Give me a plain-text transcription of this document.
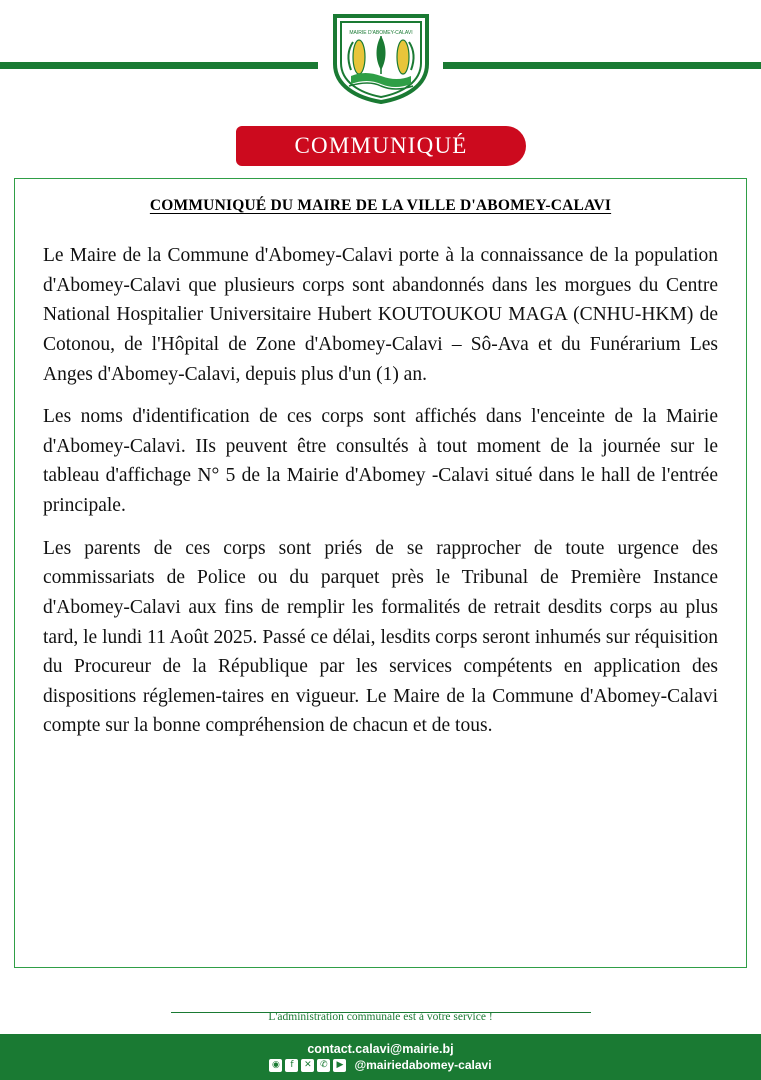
MAIRIE D'ABOMEY-CALAVI
COMMUNIQUÉ
COMMUNIQUÉ DU MAIRE DE LA VILLE D'ABOMEY-CALAVI

Le Maire de la Commune d'Abomey-Calavi porte à la connaissance de la population d'Abomey-Calavi que plusieurs corps sont abandonnés dans les morgues du Centre National Hospitalier Universitaire Hubert KOUTOUKOU MAGA (CNHU-HKM) de Cotonou, de l'Hôpital de Zone d'Abomey-Calavi – Sô-Ava et du Funérarium Les Anges d'Abomey-Calavi, depuis plus d'un (1) an.

Les noms d'identification de ces corps sont affichés dans l'enceinte de la Mairie d'Abomey-Calavi. IIs peuvent être consultés à tout moment de la journée sur le tableau d'affichage N° 5 de la Mairie d'Abomey -Calavi situé dans le hall de l'entrée principale.

Les parents de ces corps sont priés de se rapprocher de toute urgence des commissariats de Police ou du parquet près le Tribunal de Première Instance d'Abomey-Calavi aux fins de remplir les formalités de retrait desdits corps au plus tard, le lundi 11 Août 2025. Passé ce délai, lesdits corps seront inhumés sur réquisition du Procureur de la République par les services compétents en application des dispositions réglemen-taires en vigueur. Le Maire de la Commune d'Abomey-Calavi compte sur la bonne compréhension de chacun et de tous.

L'administration communale est à votre service !
contact.calavi@mairie.bj
◉	f	✕ ✆ ▶ @mairiedabomey-calavi
